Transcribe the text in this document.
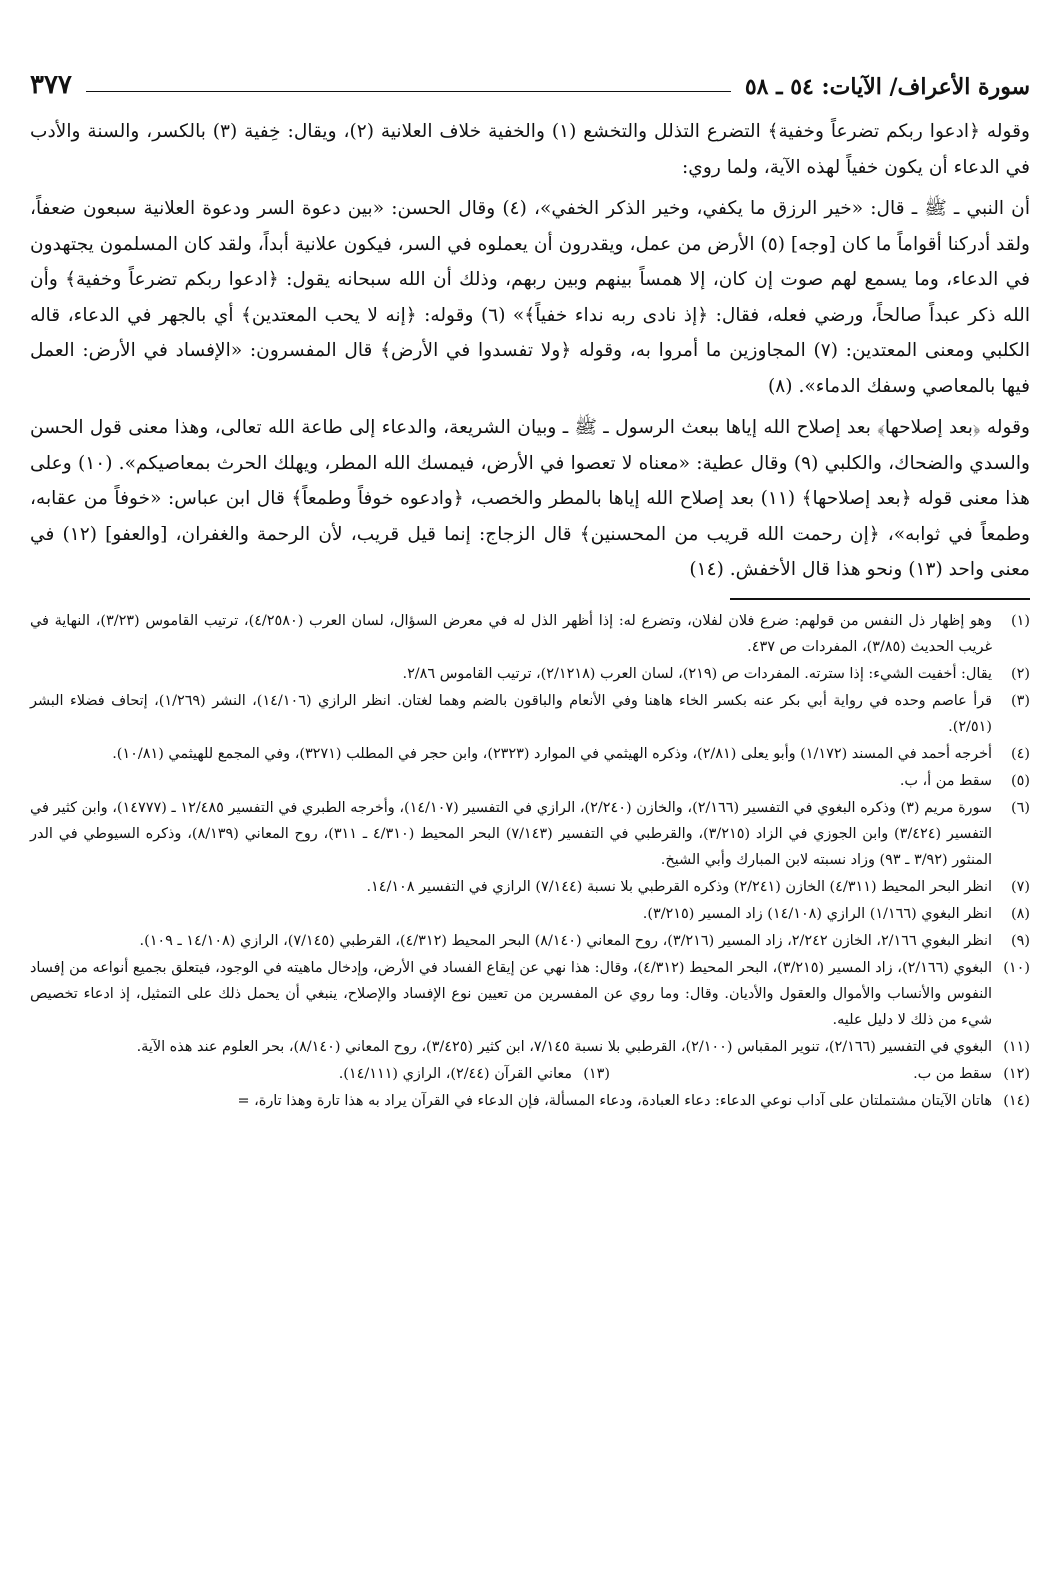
سورة الأعراف/ الآيات: ٥٤ ـ ٥٨
٣٧٧

وقوله ﴿ادعوا ربكم تضرعاً وخفية﴾ التضرع التذلل والتخشع (١) والخفية خلاف العلانية (٢)، ويقال: خِفية (٣) بالكسر، والسنة والأدب في الدعاء أن يكون خفياً لهذه الآية، ولما روي:

أن النبي ـ ﷺ ـ قال: «خير الرزق ما يكفي، وخير الذكر الخفي»، (٤) وقال الحسن: «بين دعوة السر ودعوة العلانية سبعون ضعفاً، ولقد أدركنا أقواماً ما كان [وجه] (٥) الأرض من عمل، ويقدرون أن يعملوه في السر، فيكون علانية أبداً، ولقد كان المسلمون يجتهدون في الدعاء، وما يسمع لهم صوت إن كان، إلا همساً بينهم وبين ربهم، وذلك أن الله سبحانه يقول: ﴿ادعوا ربكم تضرعاً وخفية﴾ وأن الله ذكر عبداً صالحاً، ورضي فعله، فقال: ﴿إذ نادى ربه نداء خفياً﴾» (٦) وقوله: ﴿إنه لا يحب المعتدين﴾ أي بالجهر في الدعاء، قاله الكلبي ومعنى المعتدين: (٧) المجاوزين ما أمروا به، وقوله ﴿ولا تفسدوا في الأرض﴾ قال المفسرون: «الإفساد في الأرض: العمل فيها بالمعاصي وسفك الدماء». (٨)

وقوله ﴿بعد إصلاحها﴾ بعد إصلاح الله إياها ببعث الرسول ـ ﷺ ـ وبيان الشريعة، والدعاء إلى طاعة الله تعالى، وهذا معنى قول الحسن والسدي والضحاك، والكلبي (٩) وقال عطية: «معناه لا تعصوا في الأرض، فيمسك الله المطر، ويهلك الحرث بمعاصيكم». (١٠) وعلى هذا معنى قوله ﴿بعد إصلاحها﴾ (١١) بعد إصلاح الله إياها بالمطر والخصب، ﴿وادعوه خوفاً وطمعاً﴾ قال ابن عباس: «خوفاً من عقابه، وطمعاً في ثوابه»، ﴿إن رحمت الله قريب من المحسنين﴾ قال الزجاج: إنما قيل قريب، لأن الرحمة والغفران، [والعفو] (١٢) في معنى واحد (١٣) ونحو هذا قال الأخفش. (١٤)

(١)
وهو إظهار ذل النفس من قولهم: ضرع فلان لفلان، وتضرع له: إذا أظهر الذل له في معرض السؤال، لسان العرب (٤/٢٥٨٠)، ترتيب القاموس (٣/٢٣)، النهاية في غريب الحديث (٣/٨٥)، المفردات ص ٤٣٧.
(٢)
يقال: أخفيت الشيء: إذا سترته. المفردات ص (٢١٩)، لسان العرب (٢/١٢١٨)، ترتيب القاموس ٢/٨٦.
(٣)
قرأ عاصم وحده في رواية أبي بكر عنه بكسر الخاء هاهنا وفي الأنعام والباقون بالضم وهما لغتان. انظر الرازي (١٤/١٠٦)، النشر (١/٢٦٩)، إتحاف فضلاء البشر (٢/٥١).
(٤)
أخرجه أحمد في المسند (١/١٧٢) وأبو يعلى (٢/٨١)، وذكره الهيثمي في الموارد (٢٣٢٣)، وابن حجر في المطلب (٣٢٧١)، وفي المجمع للهيثمي (١٠/٨١).
(٥)
سقط من أ، ب.
(٦)
سورة مريم (٣) وذكره البغوي في التفسير (٢/١٦٦)، والخازن (٢/٢٤٠)، الرازي في التفسير (١٤/١٠٧)، وأخرجه الطبري في التفسير ١٢/٤٨٥ ـ (١٤٧٧٧)، وابن كثير في التفسير (٣/٤٢٤) وابن الجوزي في الزاد (٣/٢١٥)، والقرطبي في التفسير (٧/١٤٣) البحر المحيط (٤/٣١٠ ـ ٣١١)، روح المعاني (٨/١٣٩)، وذكره السيوطي في الدر المنثور (٣/٩٢ ـ ٩٣) وزاد نسبته لابن المبارك وأبي الشيخ.
(٧)
انظر البحر المحيط (٤/٣١١) الخازن (٢/٢٤١) وذكره القرطبي بلا نسبة (٧/١٤٤) الرازي في التفسير ١٤/١٠٨.
(٨)
انظر البغوي (١/١٦٦) الرازي (١٤/١٠٨) زاد المسير (٣/٢١٥).
(٩)
انظر البغوي ٢/١٦٦، الخازن ٢/٢٤٢، زاد المسير (٣/٢١٦)، روح المعاني (٨/١٤٠) البحر المحيط (٤/٣١٢)، القرطبي (٧/١٤٥)، الرازي (١٤/١٠٨ ـ ١٠٩).
(١٠)
البغوي (٢/١٦٦)، زاد المسير (٣/٢١٥)، البحر المحيط (٤/٣١٢)، وقال: هذا نهي عن إيقاع الفساد في الأرض، وإدخال ماهيته في الوجود، فيتعلق بجميع أنواعه من إفساد النفوس والأنساب والأموال والعقول والأديان. وقال: وما روي عن المفسرين من تعيين نوع الإفساد والإصلاح، ينبغي أن يحمل ذلك على التمثيل، إذ ادعاء تخصيص شيء من ذلك لا دليل عليه.
(١١)
البغوي في التفسير (٢/١٦٦)، تنوير المقباس (٢/١٠٠)، القرطبي بلا نسبة ٧/١٤٥، ابن كثير (٣/٤٢٥)، روح المعاني (٨/١٤٠)، بحر العلوم عند هذه الآية.
(١٢)
سقط من ب.
(١٣)
معاني القرآن (٢/٤٤)، الرازي (١٤/١١١).
(١٤)
هاتان الآيتان مشتملتان على آداب نوعي الدعاء: دعاء العبادة، ودعاء المسألة، فإن الدعاء في القرآن يراد به هذا تارة وهذا تارة، =
